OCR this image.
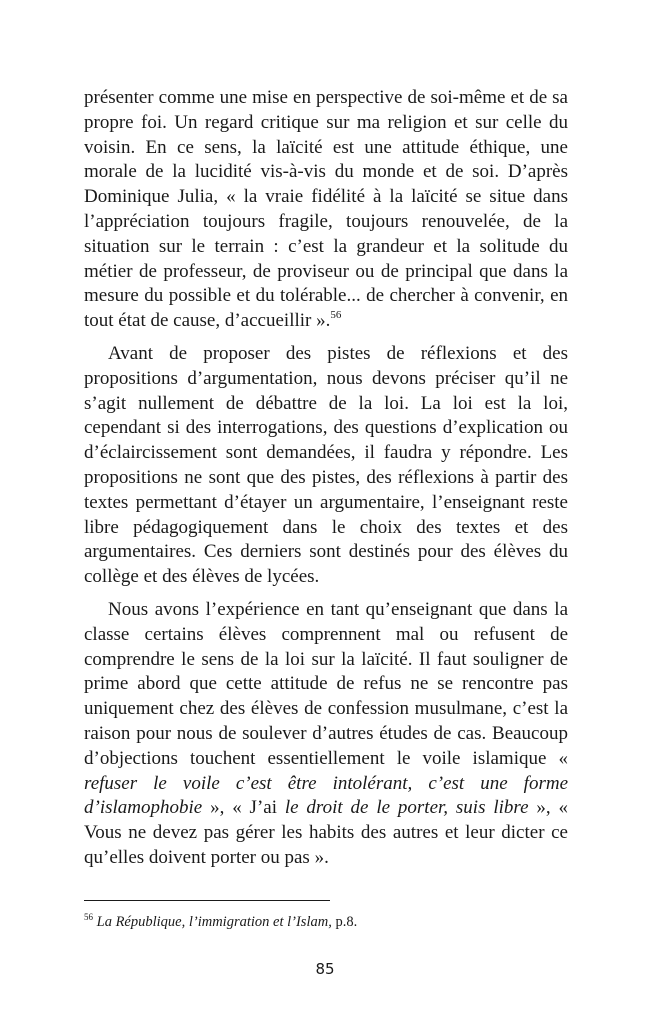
présenter comme une mise en perspective de soi-même et de sa propre foi. Un regard critique sur ma religion et sur celle du voisin. En ce sens, la laïcité est une attitude éthique, une morale de la lucidité vis-à-vis du monde et de soi. D’après Dominique Julia, « la vraie fidélité à la laïcité se situe dans l’appréciation toujours fragile, toujours renouvelée, de la situation sur le terrain : c’est la grandeur et la solitude du métier de professeur, de proviseur ou de principal que dans la mesure du possible et du tolérable... de chercher à convenir, en tout état de cause, d’accueillir ».$^{56}$

Avant de proposer des pistes de réflexions et des propositions d’argumentation, nous devons préciser qu’il ne s’agit nullement de débattre de la loi. La loi est la loi, cependant si des interrogations, des questions d’explication ou d’éclaircissement sont demandées, il faudra y répondre. Les propositions ne sont que des pistes, des réflexions à partir des textes permettant d’étayer un argumentaire, l’enseignant reste libre pédagogiquement dans le choix des textes et des argumentaires. Ces derniers sont destinés pour des élèves du collège et des élèves de lycées.

Nous avons l’expérience en tant qu’enseignant que dans la classe certains élèves comprennent mal ou refusent de comprendre le sens de la loi sur la laïcité. Il faut souligner de prime abord que cette attitude de refus ne se rencontre pas uniquement chez des élèves de confession musulmane, c’est la raison pour nous de soulever d’autres études de cas. Beaucoup d’objections touchent essentiellement le voile islamique « refuser le voile c’est être intolérant, c’est une forme d’islamophobie », « J’ai le droit de le porter, suis libre », « Vous ne devez pas gérer les habits des autres et leur dicter ce qu’elles doivent porter ou pas ».

$^{56}$ La République, l’immigration et l’Islam, p.8.
85
